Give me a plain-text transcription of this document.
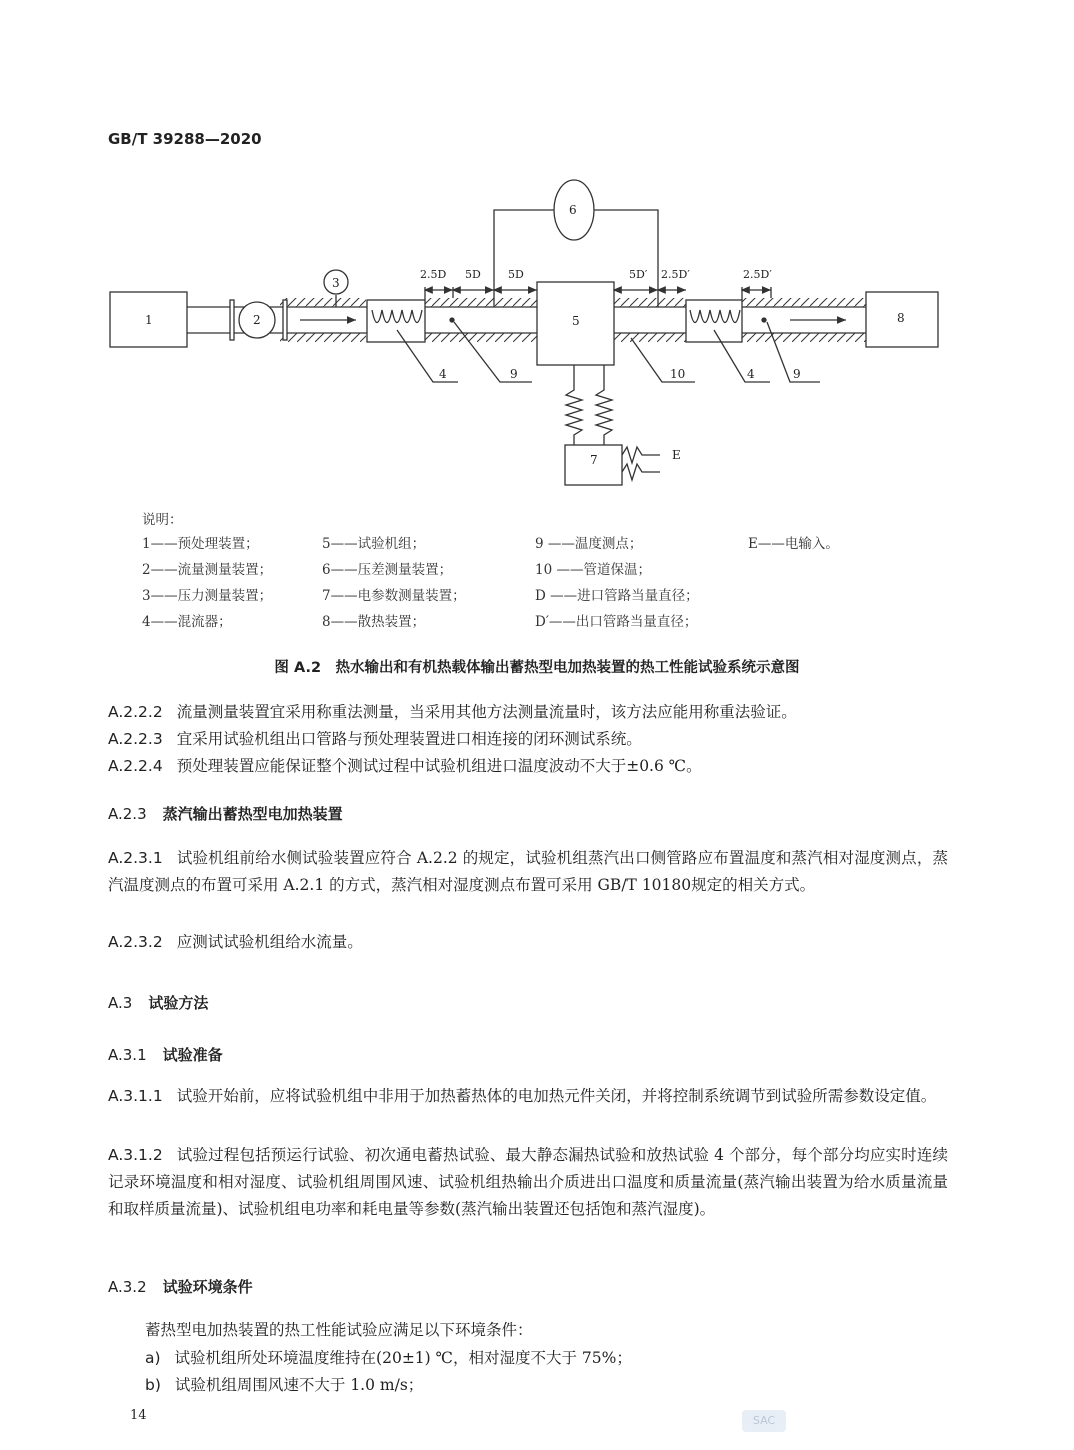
GB/T 39288—2020
1	2
3
4
5
6
7
8
9	10	4	9
E
2.5D 5D 5D	5D′ 2.5D′	2.5D′
说明：
1——预处理装置；
2——流量测量装置；
3——压力测量装置；
4——混流器；
5——试验机组；
6——压差测量装置；
7——电参数测量装置；
8——散热装置；
9 ——温度测点；
10 ——管道保温；
D ——进口管路当量直径；
D′——出口管路当量直径；
E——电输入。
图 A.2　热水输出和有机热载体输出蓄热型电加热装置的热工性能试验系统示意图
A.2.2.2 流量测量装置宜采用称重法测量，当采用其他方法测量流量时，该方法应能用称重法验证。
A.2.2.3 宜采用试验机组出口管路与预处理装置进口相连接的闭环测试系统。
A.2.2.4 预处理装置应能保证整个测试过程中试验机组进口温度波动不大于±0.6 ℃。
A.2.3 蒸汽输出蓄热型电加热装置
A.2.3.1 试验机组前给水侧试验装置应符合 A.2.2 的规定，试验机组蒸汽出口侧管路应布置温度和蒸汽相对湿度测点，蒸汽温度测点的布置可采用 A.2.1 的方式，蒸汽相对湿度测点布置可采用 GB/T 10180规定的相关方式。
A.2.3.2 应测试试验机组给水流量。
A.3 试验方法
A.3.1 试验准备
A.3.1.1 试验开始前，应将试验机组中非用于加热蓄热体的电加热元件关闭，并将控制系统调节到试验所需参数设定值。
A.3.1.2 试验过程包括预运行试验、初次通电蓄热试验、最大静态漏热试验和放热试验 4 个部分，每个部分均应实时连续记录环境温度和相对湿度、试验机组周围风速、试验机组热输出介质进出口温度和质量流量(蒸汽输出装置为给水质量流量和取样质量流量)、试验机组电功率和耗电量等参数(蒸汽输出装置还包括饱和蒸汽湿度)。
A.3.2 试验环境条件
蓄热型电加热装置的热工性能试验应满足以下环境条件：
a) 试验机组所处环境温度维持在(20±1) ℃，相对湿度不大于 75%；
b) 试验机组周围风速不大于 1.0 m/s；
14	SAC
